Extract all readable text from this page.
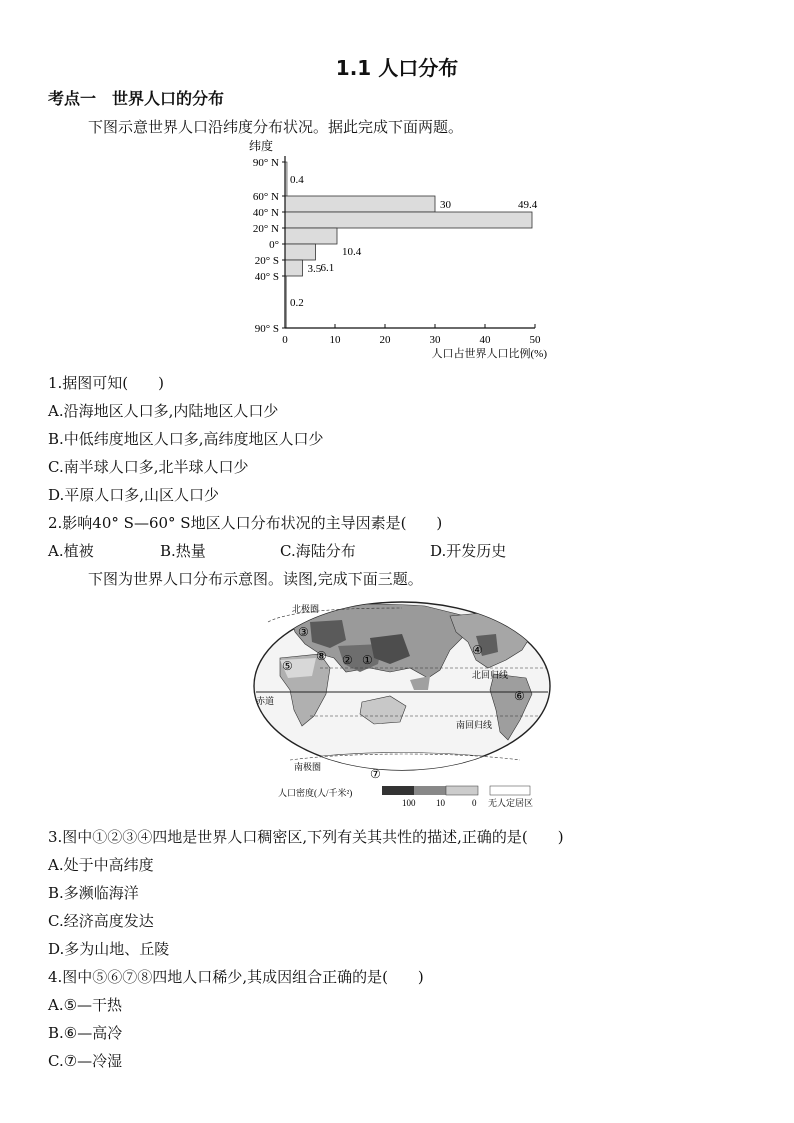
1.1 人口分布
考点一　世界人口的分布
下图示意世界人口沿纬度分布状况。据此完成下面两题。
纬度
0.4
30	49.4
10.4
6.1
3.5
0.2
90° N
60° N
40° N
20° N
0°
20° S
40° S
90° S
0	10	20	30	40	50
人口占世界人口比例(%)
1.据图可知(　　)
A.沿海地区人口多,内陆地区人口少
B.中低纬度地区人口多,高纬度地区人口少
C.南半球人口多,北半球人口少
D.平原人口多,山区人口少
2.影响40° S—60° S地区人口分布状况的主导因素是(　　)
A.植被	B.热量	C.海陆分布	D.开发历史
下图为世界人口分布示意图。读图,完成下面三题。
北极圈
北回归线
赤道
南回归线
南极圈
③
②
⑧	①
⑤
④
⑥
⑦
人口密度(人/千米²)
100 10	0 无人定居区
3.图中①②③④四地是世界人口稠密区,下列有关其共性的描述,正确的是(　　)
A.处于中高纬度
B.多濒临海洋
C.经济高度发达
D.多为山地、丘陵
4.图中⑤⑥⑦⑧四地人口稀少,其成因组合正确的是(　　)
A.⑤—干热
B.⑥—高冷
C.⑦—冷湿
